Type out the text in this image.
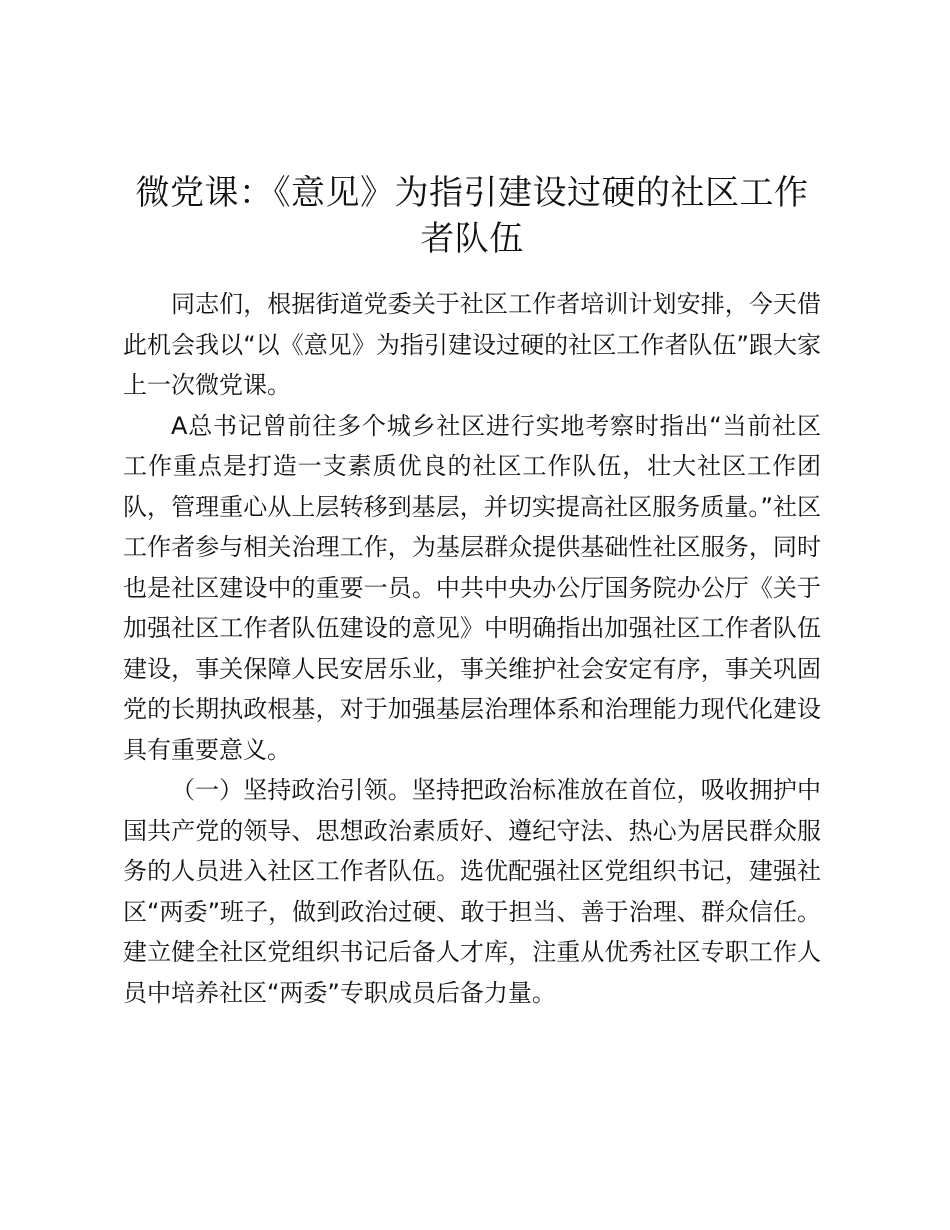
微党课：《意见》为指引建设过硬的社区工作者队伍

同志们，根据街道党委关于社区工作者培训计划安排，今天借此机会我以“以《意见》为指引建设过硬的社区工作者队伍”跟大家上一次微党课。

A总书记曾前往多个城乡社区进行实地考察时指出“当前社区工作重点是打造一支素质优良的社区工作队伍，壮大社区工作团队，管理重心从上层转移到基层，并切实提高社区服务质量。”社区工作者参与相关治理工作，为基层群众提供基础性社区服务，同时也是社区建设中的重要一员。中共中央办公厅国务院办公厅《关于加强社区工作者队伍建设的意见》中明确指出加强社区工作者队伍建设，事关保障人民安居乐业，事关维护社会安定有序，事关巩固党的长期执政根基，对于加强基层治理体系和治理能力现代化建设具有重要意义。

（一）坚持政治引领。坚持把政治标准放在首位，吸收拥护中国共产党的领导、思想政治素质好、遵纪守法、热心为居民群众服务的人员进入社区工作者队伍。选优配强社区党组织书记，建强社区“两委”班子，做到政治过硬、敢于担当、善于治理、群众信任。建立健全社区党组织书记后备人才库，注重从优秀社区专职工作人员中培养社区“两委”专职成员后备力量。
